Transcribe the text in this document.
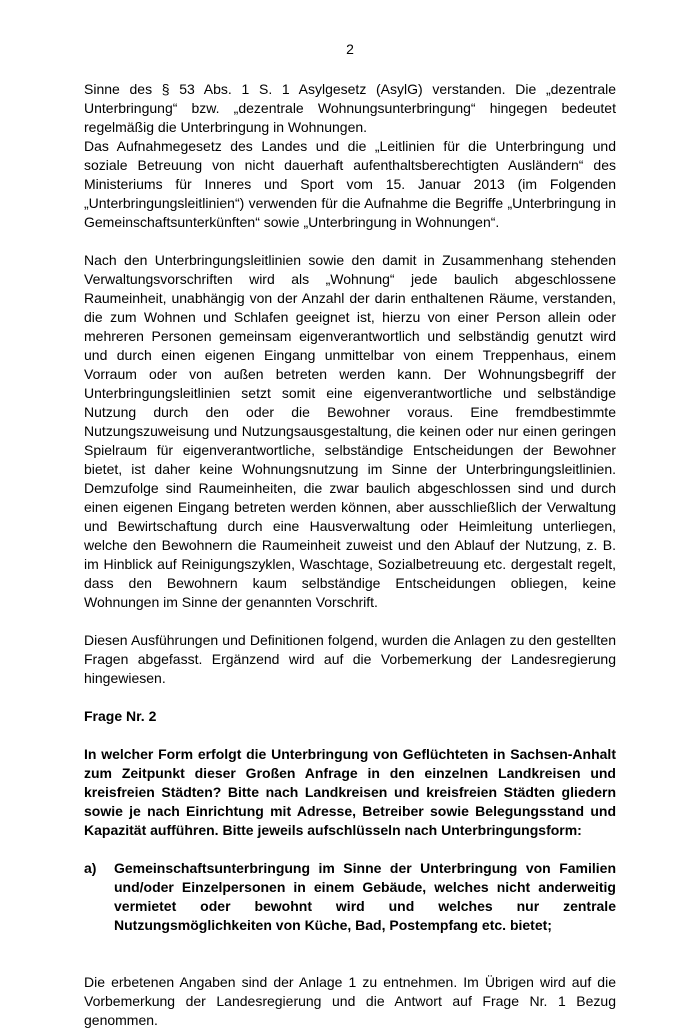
2

Sinne des § 53 Abs. 1 S. 1 Asylgesetz (AsylG) verstanden. Die „dezentrale Unterbringung“ bzw. „dezentrale Wohnungsunterbringung“ hingegen bedeutet regelmäßig die Unterbringung in Wohnungen.

Das Aufnahmegesetz des Landes und die „Leitlinien für die Unterbringung und soziale Betreuung von nicht dauerhaft aufenthaltsberechtigten Ausländern“ des Ministeriums für Inneres und Sport vom 15. Januar 2013 (im Folgenden „Unterbringungsleitlinien“) verwenden für die Aufnahme die Begriffe „Unterbringung in Gemeinschaftsunterkünften“ sowie „Unterbringung in Wohnungen“.

Nach den Unterbringungsleitlinien sowie den damit in Zusammenhang stehenden Verwaltungsvorschriften wird als „Wohnung“ jede baulich abgeschlossene Raumeinheit, unabhängig von der Anzahl der darin enthaltenen Räume, verstanden, die zum Wohnen und Schlafen geeignet ist, hierzu von einer Person allein oder mehreren Personen gemeinsam eigenverantwortlich und selbständig genutzt wird und durch einen eigenen Eingang unmittelbar von einem Treppenhaus, einem Vorraum oder von außen betreten werden kann. Der Wohnungsbegriff der Unterbringungsleitlinien setzt somit eine eigenverantwortliche und selbständige Nutzung durch den oder die Bewohner voraus. Eine fremdbestimmte Nutzungszuweisung und Nutzungsausgestaltung, die keinen oder nur einen geringen Spielraum für eigenverantwortliche, selbständige Entscheidungen der Bewohner bietet, ist daher keine Wohnungsnutzung im Sinne der Unterbringungsleitlinien. Demzufolge sind Raumeinheiten, die zwar baulich abgeschlossen sind und durch einen eigenen Eingang betreten werden können, aber ausschließlich der Verwaltung und Bewirtschaftung durch eine Hausverwaltung oder Heimleitung unterliegen, welche den Bewohnern die Raumeinheit zuweist und den Ablauf der Nutzung, z. B. im Hinblick auf Reinigungszyklen, Waschtage, Sozialbetreuung etc. dergestalt regelt, dass den Bewohnern kaum selbständige Entscheidungen obliegen, keine Wohnungen im Sinne der genannten Vorschrift.

Diesen Ausführungen und Definitionen folgend, wurden die Anlagen zu den gestellten Fragen abgefasst. Ergänzend wird auf die Vorbemerkung der Landesregierung hingewiesen.

Frage Nr. 2

In welcher Form erfolgt die Unterbringung von Geflüchteten in Sachsen-Anhalt zum Zeitpunkt dieser Großen Anfrage in den einzelnen Landkreisen und kreisfreien Städten? Bitte nach Landkreisen und kreisfreien Städten gliedern sowie je nach Einrichtung mit Adresse, Betreiber sowie Belegungsstand und Kapazität aufführen. Bitte jeweils aufschlüsseln nach Unterbringungsform:

a) Gemeinschaftsunterbringung im Sinne der Unterbringung von Familien und/oder Einzelpersonen in einem Gebäude, welches nicht anderweitig vermietet oder bewohnt wird und welches nur zentrale Nutzungsmöglichkeiten von Küche, Bad, Postempfang etc. bietet;

Die erbetenen Angaben sind der Anlage 1 zu entnehmen. Im Übrigen wird auf die Vorbemerkung der Landesregierung und die Antwort auf Frage Nr. 1 Bezug genommen.
